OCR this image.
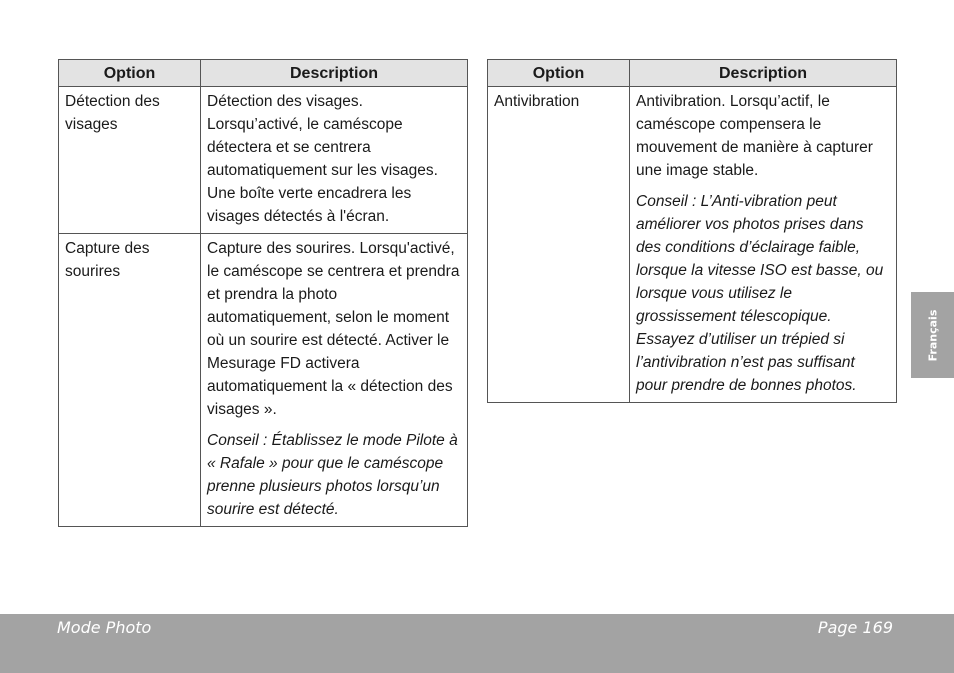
Option	Description
Détection des visages	Détection des visages. Lorsqu’activé, le caméscope détectera et se centrera automatiquement sur les visages. Une boîte verte encadrera les visages détectés à l'écran.

Capture des sourires	Capture des sourires. Lorsqu'activé, le caméscope se centrera et prendra et prendra la photo automatiquement, selon le moment où un sourire est détecté. Activer le Mesurage FD activera automatiquement la « détection des visages ».

Conseil : Établissez le mode Pilote à « Rafale » pour que le caméscope prenne plusieurs photos lorsqu’un sourire est détecté.

Option	Description
Antivibration	Antivibration. Lorsqu’actif, le caméscope compensera le mouvement de manière à capturer une image stable.

Conseil : L’Anti-vibration peut améliorer vos photos prises dans des conditions d’éclairage faible, lorsque la vitesse ISO est basse, ou lorsque vous utilisez le grossissement télescopique. Essayez d’utiliser un trépied si l’antivibration n’est pas suffisant pour prendre de bonnes photos.

Français
Mode Photo	Page 169
